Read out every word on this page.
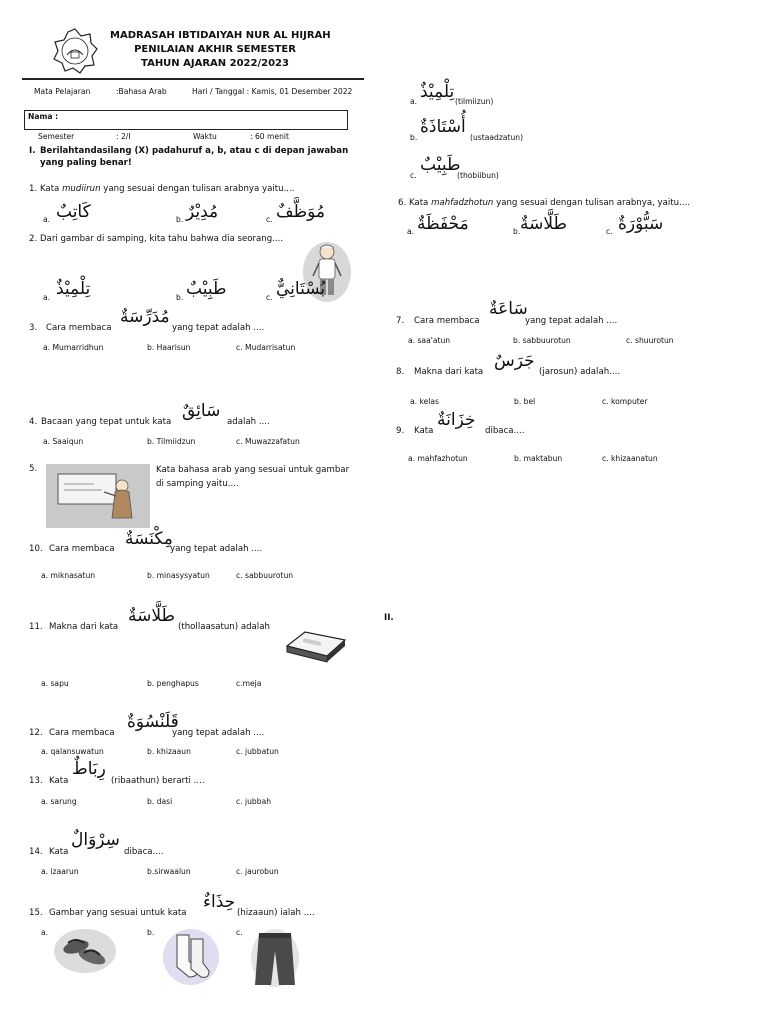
MADRASAH IBTIDAIYAH NUR AL HIJRAH
PENILAIAN AKHIR SEMESTER
TAHUN AJARAN 2022/2023
Mata Pelajaran	:Bahasa Arab	Hari / Tanggal : Kamis, 01 Desember 2022
Nama :
Semester	: 2/I	Waktu	: 60 menit
I. Berilahtandasilang (X) padahuruf a, b, atau c di depan jawaban
yang paling benar!
1. Kata mudiirun yang sesuai dengan tulisan arabnya yaitu....
a. كَاتِبٌ	b. مُدِيْرٌ	c. مُوَظَّفٌ
2. Dari gambar di samping, kita tahu bahwa dia seorang....
a. تِلْمِيْذٌ	b. طَبِيْبٌ	c. بُسْتَانِيٌّ
3. Cara membaca
مُدَرِّسَةٌ
yang tepat adalah ....
a. Mumarridhun	b. Haarisun	c. Mudarrisatun
4. Bacaan yang tepat untuk kata
سَائِقٌ
adalah ....
a. Saaiqun	b. Tilmiidzun	c. Muwazzafatun
5.	Kata bahasa arab yang sesuai untuk gambar
di samping yaitu....
a. تِلْمِيْذٌ (tilmiizun)
b.
أُسْتَاذَةٌ
(ustaadzatun)
c.
طَبِيْبٌ
(thobiibun)
6. Kata mahfadzhotun yang sesuai dengan tulisan arabnya, yaitu....
a. مَحْفَظَةٌ	b. طَلَّاسَةٌ	c. سَبُّوْرَةٌ
7. Cara membaca
سَاعَةٌ
yang tepat adalah ....
a. saa'atun	b. sabbuurotun	c. shuurotun
8. Makna dari kata
جَرَسٌ
(jarosun) adalah....
a. kelas	b. bel	c. komputer
9. Kata
خِزَانَةٌ
dibaca....
a. mahfazhotun	b. maktabun	c. khizaanatun
II.
10. Cara membaca مِكْنَسَةٌ
yang tepat adalah ....
a. miknasatun	b. minasysyatun	c. sabbuurotun
11. Makna dari kata
طَلَّاسَةٌ
(thollaasatun) adalah
a. sapu	b. penghapus	c.meja
12. Cara membaca
قَلَنْسُوَةٌ
yang tepat adalah ....
a. qalansuwatun	b. khizaaun	c. jubbatun
13. Kata
رِبَاطٌ
(ribaathun) berarti ....
a. sarung	b. dasi	c. jubbah
14. Kata
سِرْوَالٌ
dibaca....
a. izaarun	b.sirwaalun	c. jaurobun
15. Gambar yang sesuai untuk kata
حِذَاءٌ
(hizaaun) ialah ....
a.	b.	c.
